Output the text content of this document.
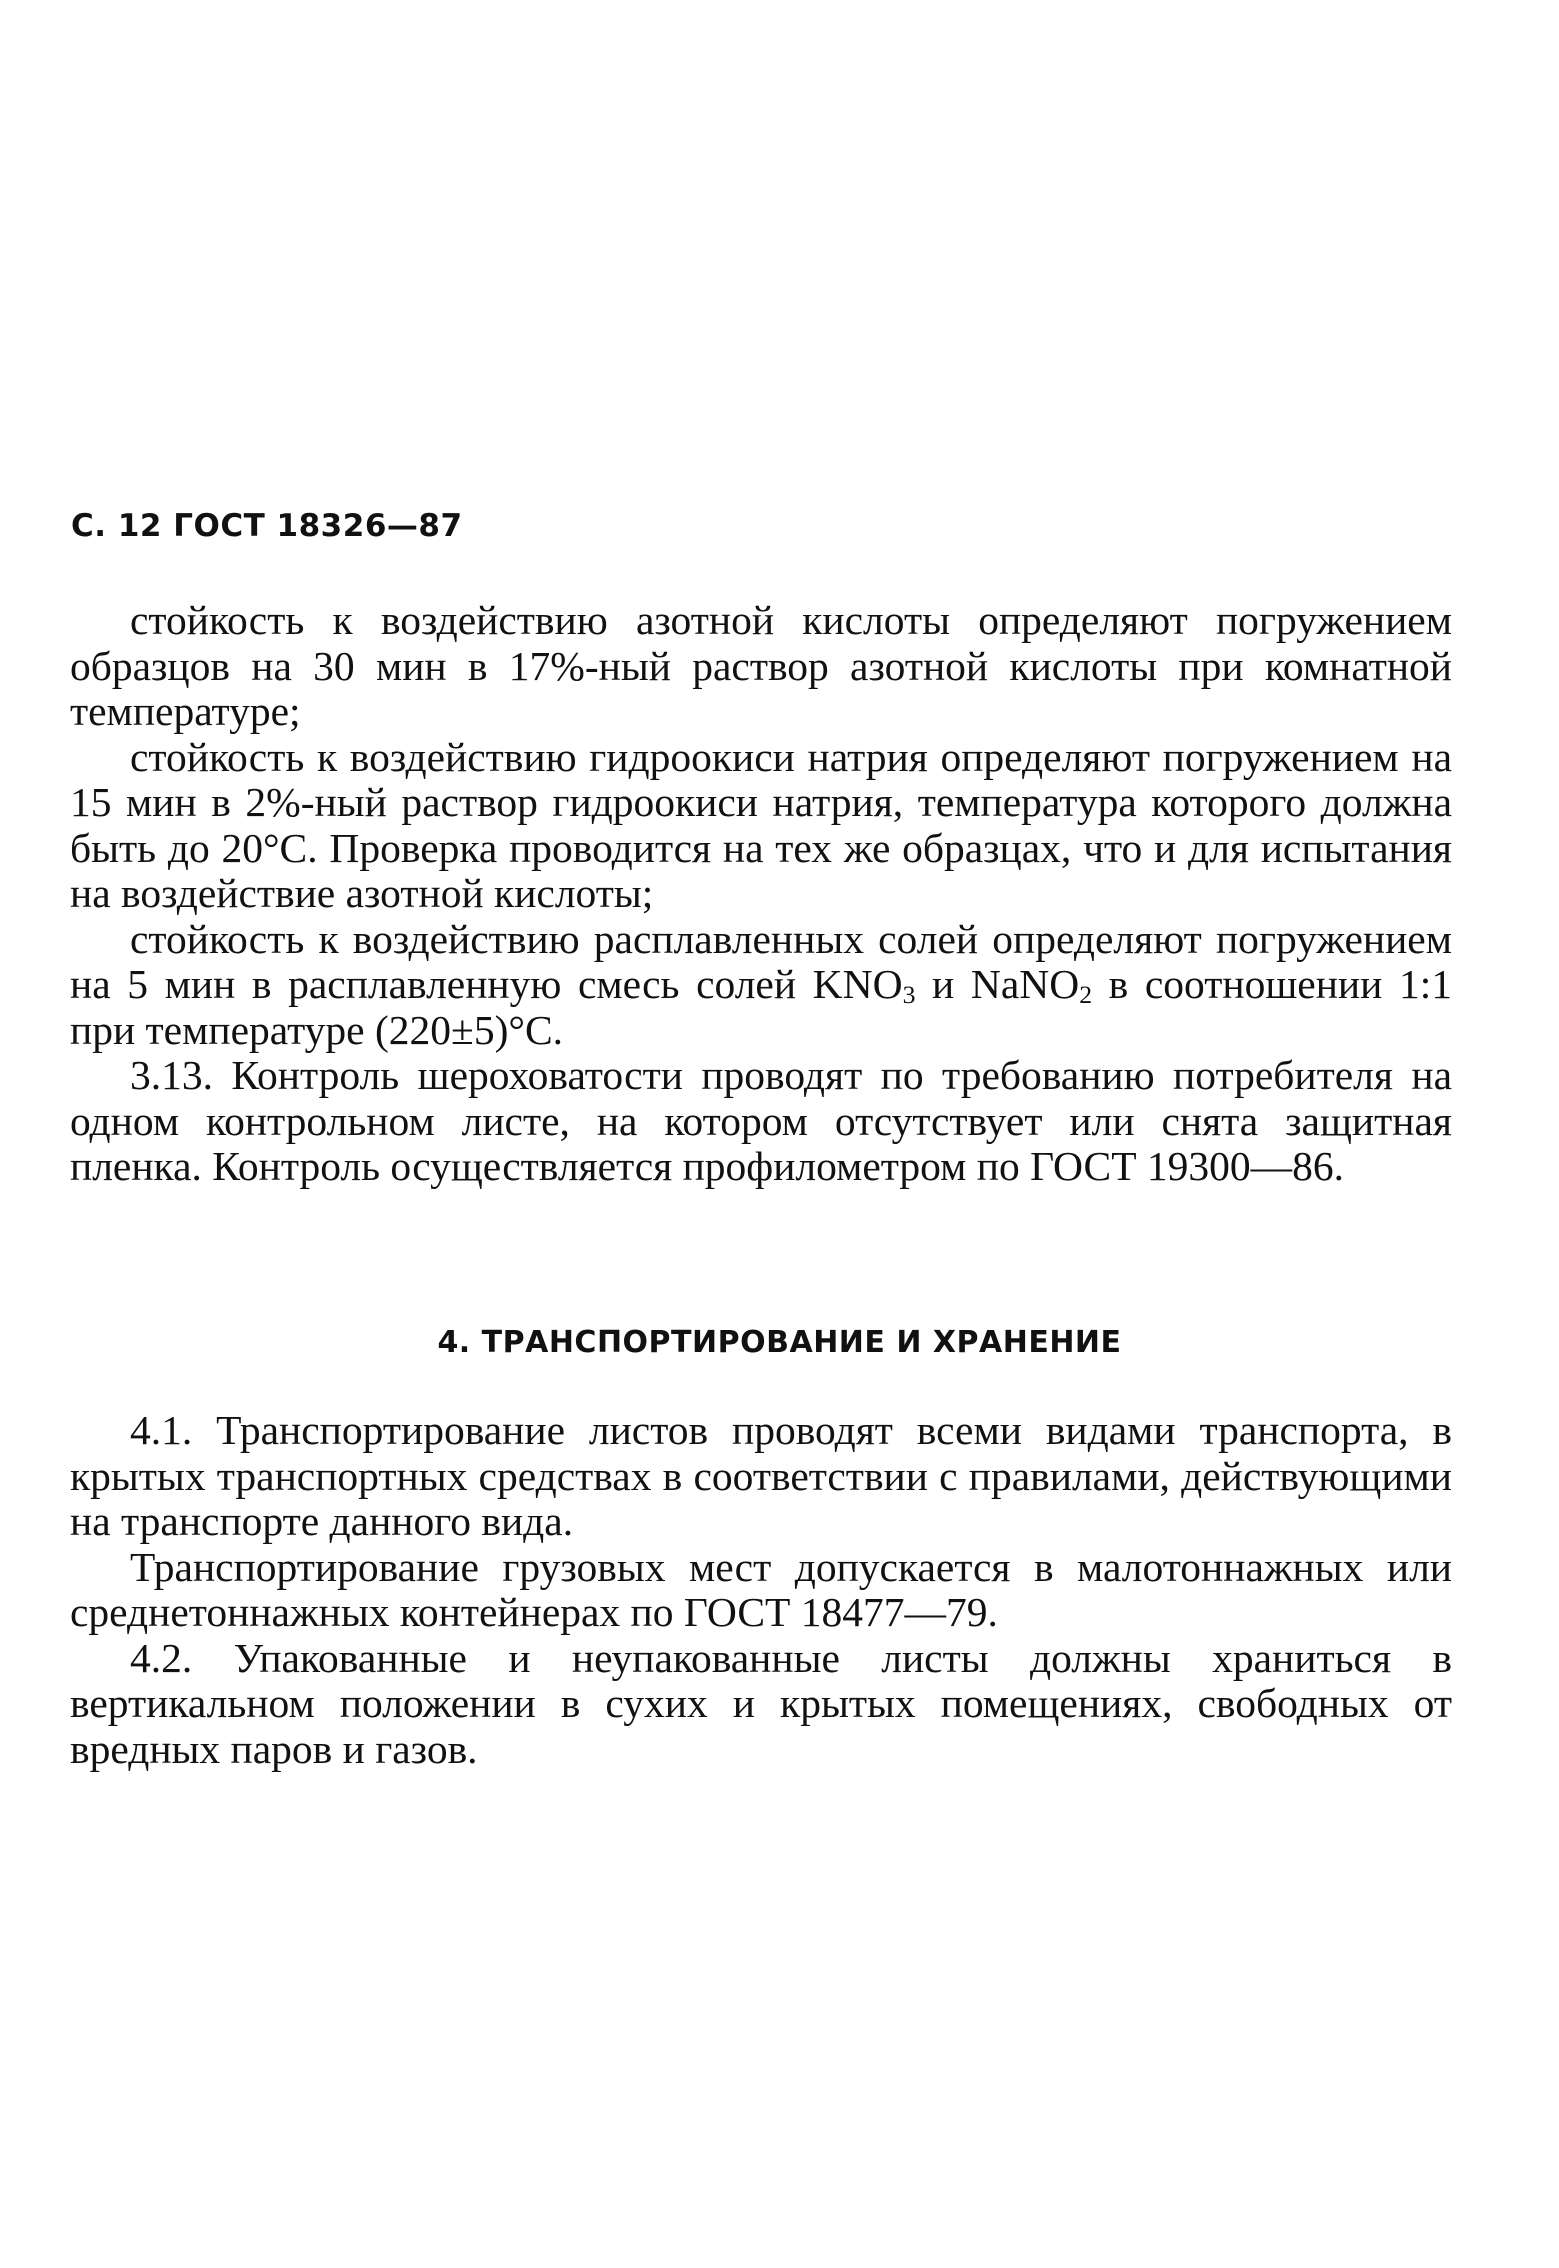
С. 12 ГОСТ 18326—87

стойкость к воздействию азотной кислоты определяют погружением образцов на 30 мин в 17%-ный раствор азотной кислоты при комнатной температуре;

стойкость к воздействию гидроокиси натрия определяют погружением на 15 мин в 2%-ный раствор гидроокиси натрия, температура которого должна быть до 20°С. Проверка проводится на тех же образцах, что и для испытания на воздействие азотной кислоты;

стойкость к воздействию расплавленных солей определяют погружением на 5 мин в расплавленную смесь солей KNO3 и NaNO2 в соотношении 1:1 при температуре (220±5)°С.

3.13. Контроль шероховатости проводят по требованию потребителя на одном контрольном листе, на котором отсутствует или снята защитная пленка. Контроль осуществляется профилометром по ГОСТ 19300—86.

4. ТРАНСПОРТИРОВАНИЕ И ХРАНЕНИЕ

4.1. Транспортирование листов проводят всеми видами транспорта, в крытых транспортных средствах в соответствии с правилами, действующими на транспорте данного вида.

Транспортирование грузовых мест допускается в малотоннажных или среднетоннажных контейнерах по ГОСТ 18477—79.

4.2. Упакованные и неупакованные листы должны храниться в вертикальном положении в сухих и крытых помещениях, свободных от вредных паров и газов.
